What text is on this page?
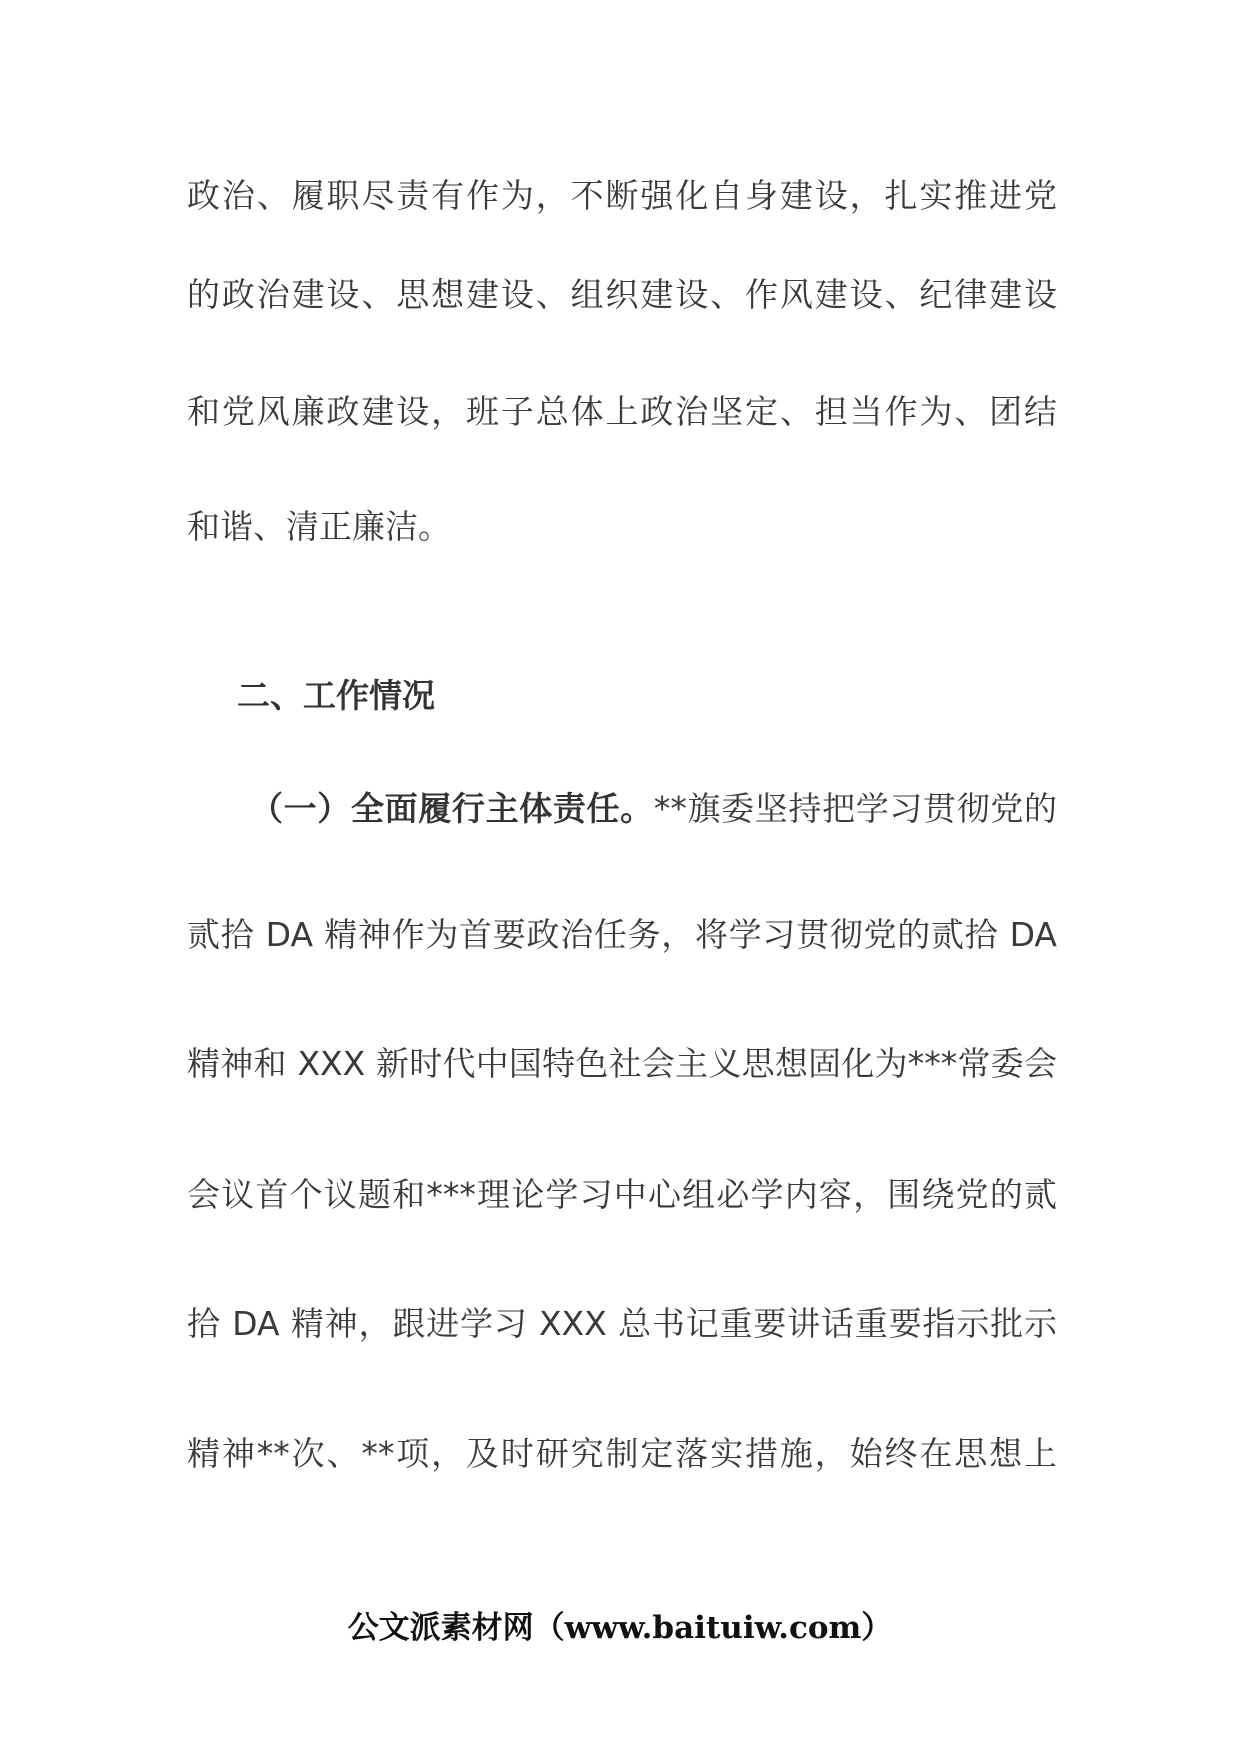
政治、履职尽责有作为，不断强化自身建设，扎实推进党
的政治建设、思想建设、组织建设、作风建设、纪律建设
和党风廉政建设，班子总体上政治坚定、担当作为、团结
和谐、清正廉洁。
二、工作情况
（一）全面履行主体责任。**旗委坚持把学习贯彻党的
贰拾 DA 精神作为首要政治任务，将学习贯彻党的贰拾 DA
精神和 XXX 新时代中国特色社会主义思想固化为***常委会
会议首个议题和***理论学习中心组必学内容，围绕党的贰
拾 DA 精神，跟进学习 XXX 总书记重要讲话重要指示批示
精神**次、**项，及时研究制定落实措施，始终在思想上
公文派素材网（www.baituiw.com）
